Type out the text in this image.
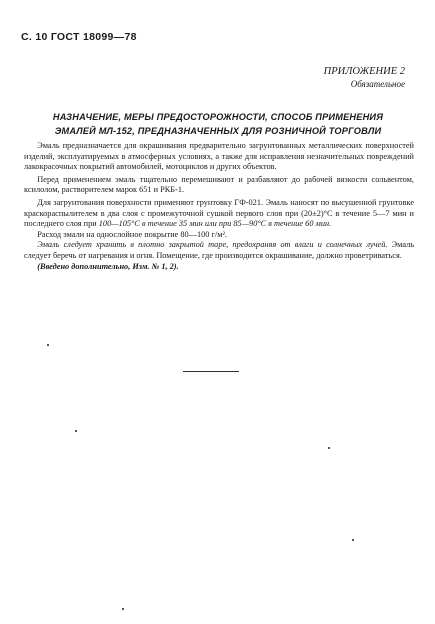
С. 10 ГОСТ 18099—78
ПРИЛОЖЕНИЕ 2
Обязательное
НАЗНАЧЕНИЕ, МЕРЫ ПРЕДОСТОРОЖНОСТИ, СПОСОБ ПРИМЕНЕНИЯ
ЭМАЛЕЙ МЛ-152, ПРЕДНАЗНАЧЕННЫХ ДЛЯ РОЗНИЧНОЙ ТОРГОВЛИ

Эмаль предназначается для окрашивания предварительно загрунтованных металлических поверхностей изделий, эксплуатируемых в атмосферных условиях, а также для исправления незначительных повреждений лакокрасочных покрытий автомобилей, мотоциклов и других объектов.

Перед применением эмаль тщательно перемешивают и разбавляют до рабочей вязкости сольвентом, ксилолом, растворителем марок 651 и РКБ-1.

Для загрунтования поверхности применяют грунтовку ГФ-021. Эмаль наносят по высушенной грунтовке краскораспылителем в два слоя с промежуточной сушкой первого слоя при (20±2)°С в течение 5—7 мин и последнего слоя при 100—105°С в течение 35 мин или при 85—90°С в течение 60 мин.

Расход эмали на однослойное покрытие 80—100 г/м².

Эмаль следует хранить в плотно закрытой таре, предохраняя от влаги и солнечных лучей. Эмаль следует беречь от нагревания и огня. Помещение, где производится окрашивание, должно проветриваться.

(Введено дополнительно, Изм. № 1, 2).
